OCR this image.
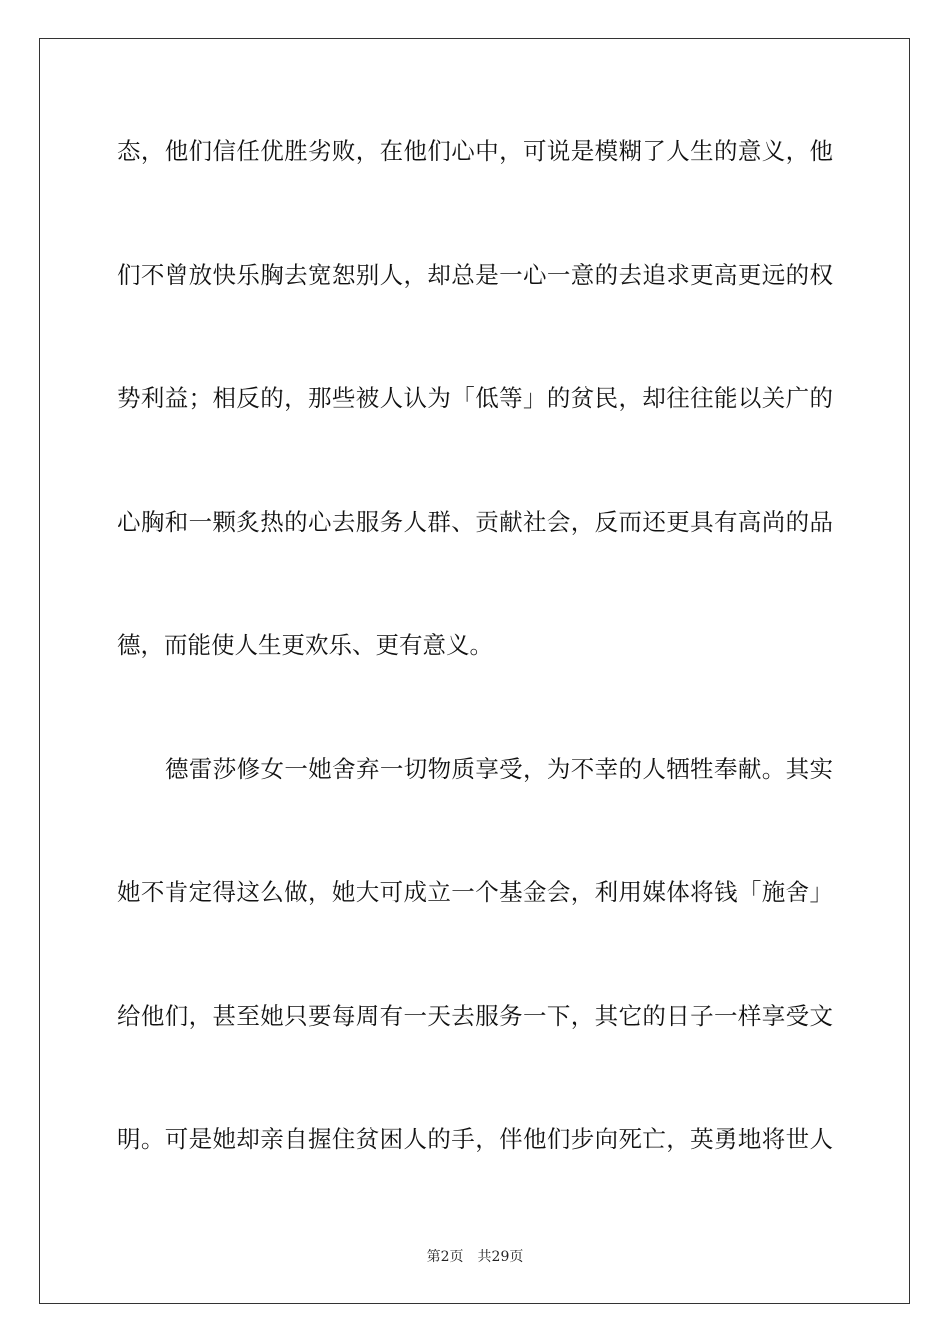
态，他们信任优胜劣败，在他们心中，可说是模糊了人生的意义，他
们不曾放快乐胸去宽恕别人，却总是一心一意的去追求更高更远的权
势利益；相反的，那些被人认为「低等」的贫民，却往往能以关广的
心胸和一颗炙热的心去服务人群、贡献社会，反而还更具有高尚的品
德，而能使人生更欢乐、更有意义。
德雷莎修女一她舍弃一切物质享受，为不幸的人牺牲奉献。其实
她不肯定得这么做，她大可成立一个基金会，利用媒体将钱「施舍」
给他们，甚至她只要每周有一天去服务一下，其它的日子一样享受文
明。可是她却亲自握住贫困人的手，伴他们步向死亡，英勇地将世人
第2页 共29页
